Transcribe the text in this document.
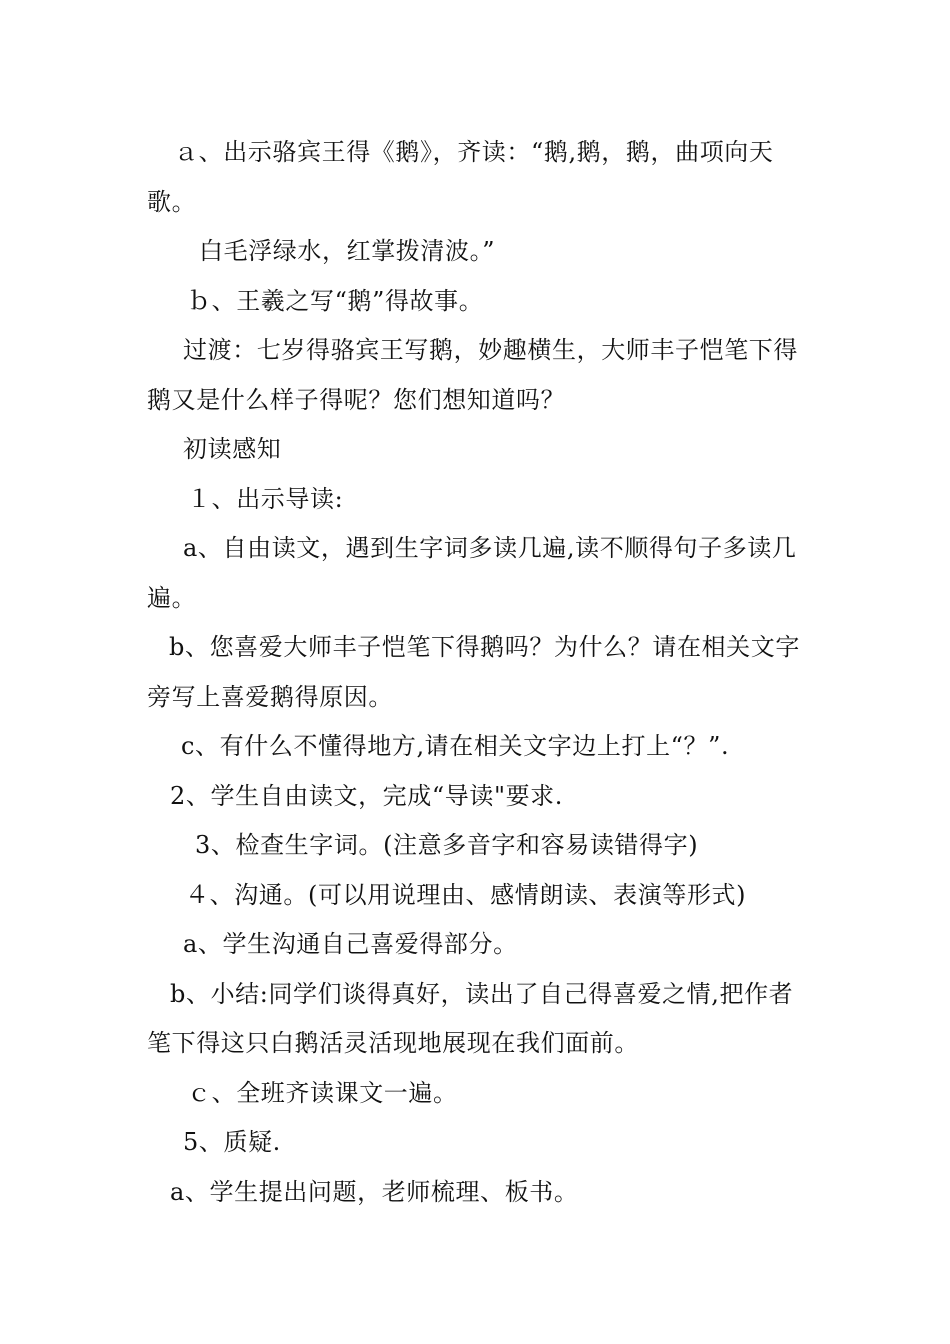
ａ、出示骆宾王得《鹅》，齐读：“鹅,鹅，鹅，曲项向天歌。

白毛浮绿水，红掌拨清波。”

ｂ、王羲之写“鹅”得故事。

过渡：七岁得骆宾王写鹅，妙趣横生，大师丰子恺笔下得鹅又是什么样子得呢？您们想知道吗？

初读感知

１、出示导读:

a、自由读文，遇到生字词多读几遍,读不顺得句子多读几遍。

b、您喜爱大师丰子恺笔下得鹅吗？为什么？请在相关文字旁写上喜爱鹅得原因。

c、有什么不懂得地方,请在相关文字边上打上“？”.

2、学生自由读文，完成“导读"要求.

3、检查生字词。(注意多音字和容易读错得字)

４、沟通。(可以用说理由、感情朗读、表演等形式)

a、学生沟通自己喜爱得部分。

b、小结:同学们谈得真好，读出了自己得喜爱之情,把作者笔下得这只白鹅活灵活现地展现在我们面前。

ｃ、全班齐读课文一遍。

5、质疑.

a、学生提出问题，老师梳理、板书。
